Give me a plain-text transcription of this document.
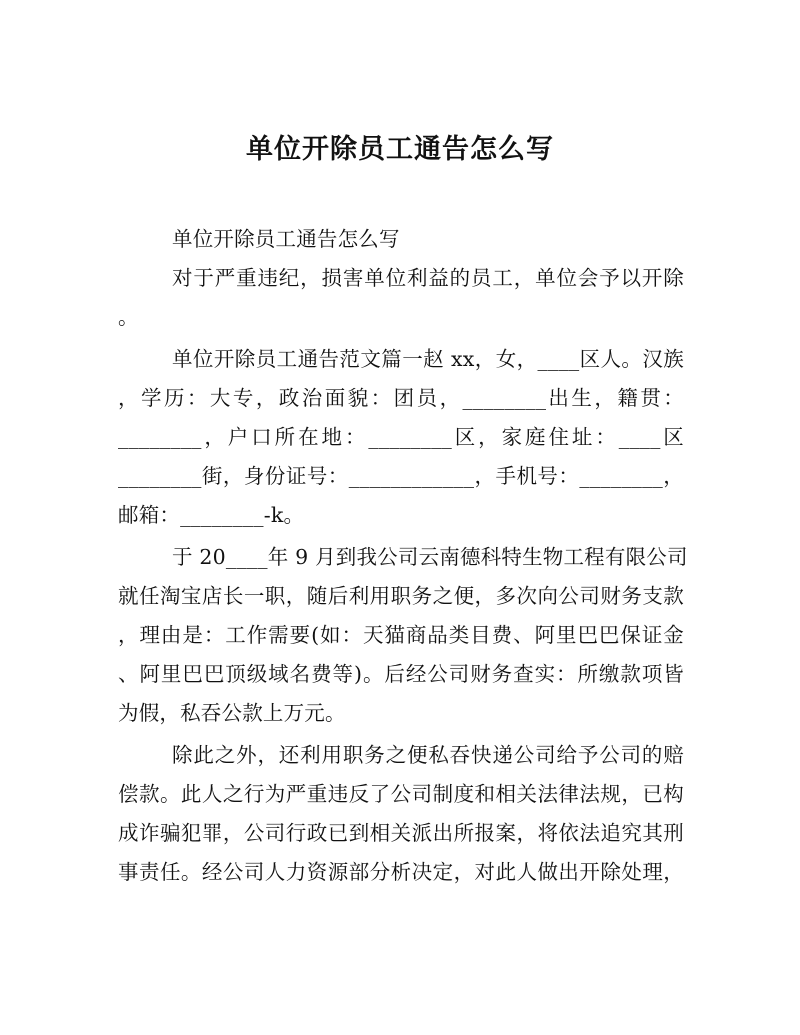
单位开除员工通告怎么写
单位开除员工通告怎么写
对于严重违纪，损害单位利益的员工，单位会予以开除
。
单位开除员工通告范文篇一赵 xx，女，____区人。汉族
，学历：大专，政治面貌：团员，________出生，籍贯：
________，户口所在地：________区，家庭住址：____区
________街，身份证号：____________，手机号：________，
邮箱：________-k。
于 20____年 9 月到我公司云南德科特生物工程有限公司
就任淘宝店长一职，随后利用职务之便，多次向公司财务支款
，理由是：工作需要(如：天猫商品类目费、阿里巴巴保证金
、阿里巴巴顶级域名费等)。后经公司财务查实：所缴款项皆
为假，私吞公款上万元。
除此之外，还利用职务之便私吞快递公司给予公司的赔
偿款。此人之行为严重违反了公司制度和相关法律法规，已构
成诈骗犯罪，公司行政已到相关派出所报案，将依法追究其刑
事责任。经公司人力资源部分析决定，对此人做出开除处理，
